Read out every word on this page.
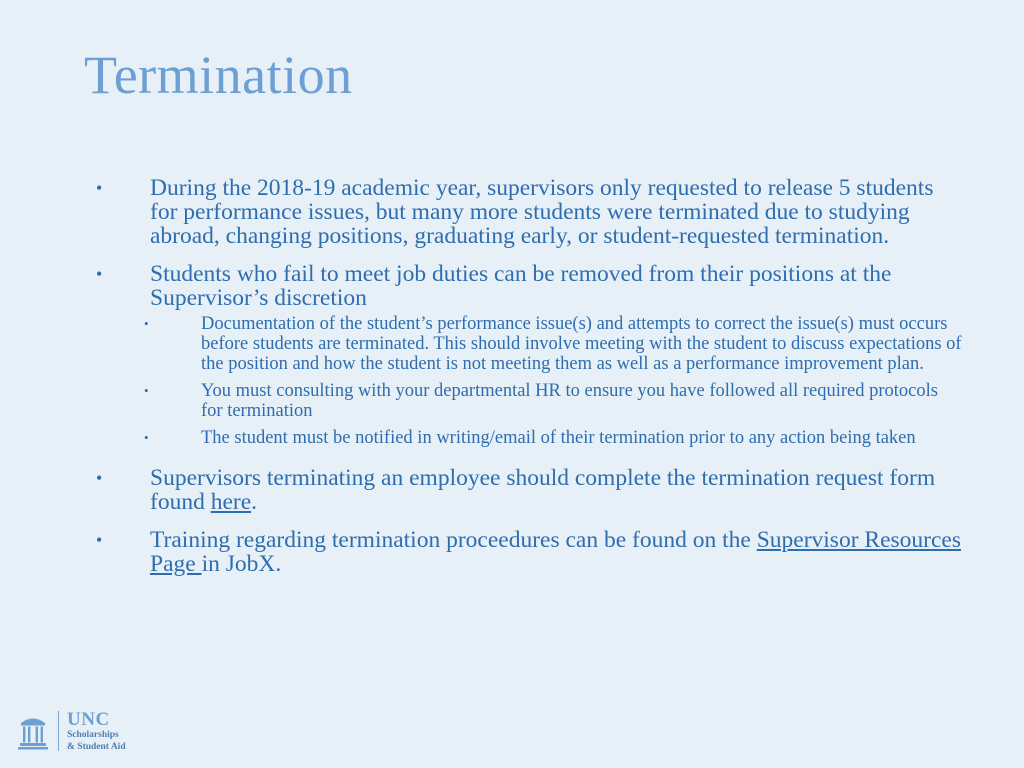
Termination
• During the 2018-19 academic year, supervisors only requested to release 5 students for performance issues, but many more students were terminated due to studying abroad, changing positions, graduating early, or student-requested termination.
• Students who fail to meet job duties can be removed from their positions at the Supervisor’s discretion
•	Documentation of the student’s performance issue(s) and attempts to correct the issue(s) must occurs before students are terminated. This should involve meeting with the student to discuss expectations of the position and how the student is not meeting them as well as a performance improvement plan.
•	You must consulting with your departmental HR to ensure you have followed all required protocols for termination
•	The student must be notified in writing/email of their termination prior to any action being taken
• Supervisors terminating an employee should complete the termination request form found here.
• Training regarding termination proceedures can be found on the Supervisor Resources Page in JobX.
UNC
Scholarships
& Student Aid
